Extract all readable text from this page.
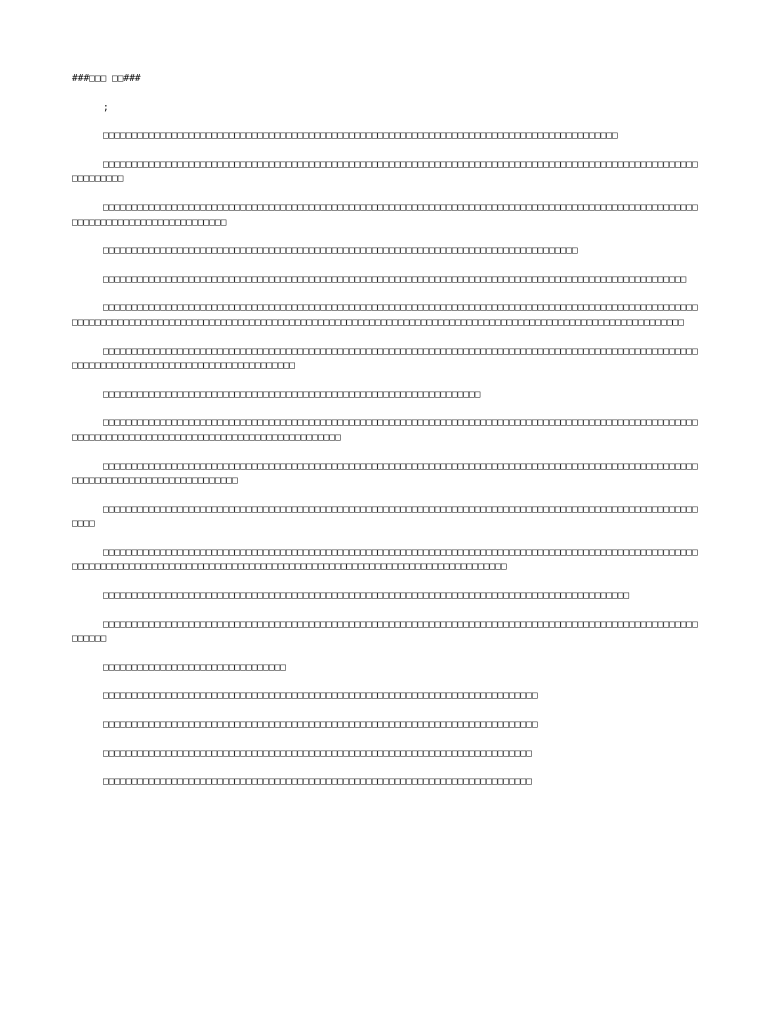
###□□□ □□###

;

□□□□□□□□□□□□□□□□□□□□□□□□□□□□□□□□□□□□□□□□□□□□□□□□□□□□□□□□□□□□□□□□□□□□□□□□□□□□□□□□□□□□□□□□□□

□□□□□□□□□□□□□□□□□□□□□□□□□□□□□□□□□□□□□□□□□□□□□□□□□□□□□□□□□□□□□□□□□□□□□□□□□□□□□□□□□□□□□□□□□□□□□□□□□□□□□□□□□□□□□□□□□

□□□□□□□□□□□□□□□□□□□□□□□□□□□□□□□□□□□□□□□□□□□□□□□□□□□□□□□□□□□□□□□□□□□□□□□□□□□□□□□□□□□□□□□□□□□□□□□□□□□□□□□□□□□□□□□□□□□□□□□□□□□□□□□□□□□

□□□□□□□□□□□□□□□□□□□□□□□□□□□□□□□□□□□□□□□□□□□□□□□□□□□□□□□□□□□□□□□□□□□□□□□□□□□□□□□□□□□

□□□□□□□□□□□□□□□□□□□□□□□□□□□□□□□□□□□□□□□□□□□□□□□□□□□□□□□□□□□□□□□□□□□□□□□□□□□□□□□□□□□□□□□□□□□□□□□□□□□□□□

□□□□□□□□□□□□□□□□□□□□□□□□□□□□□□□□□□□□□□□□□□□□□□□□□□□□□□□□□□□□□□□□□□□□□□□□□□□□□□□□□□□□□□□□□□□□□□□□□□□□□□□□□□□□□□□□□□□□□□□□□□□□□□□□□□□□□□□□□□□□□□□□□□□□□□□□□□□□□□□□□□□□□□□□□□□□□□□□□□□□□□□□□□□□□□□□□□□□□□□□□□□□□□□□□□□

□□□□□□□□□□□□□□□□□□□□□□□□□□□□□□□□□□□□□□□□□□□□□□□□□□□□□□□□□□□□□□□□□□□□□□□□□□□□□□□□□□□□□□□□□□□□□□□□□□□□□□□□□□□□□□□□□□□□□□□□□□□□□□□□□□□□□□□□□□□□□□□

□□□□□□□□□□□□□□□□□□□□□□□□□□□□□□□□□□□□□□□□□□□□□□□□□□□□□□□□□□□□□□□□□□

□□□□□□□□□□□□□□□□□□□□□□□□□□□□□□□□□□□□□□□□□□□□□□□□□□□□□□□□□□□□□□□□□□□□□□□□□□□□□□□□□□□□□□□□□□□□□□□□□□□□□□□□□□□□□□□□□□□□□□□□□□□□□□□□□□□□□□□□□□□□□□□□□□□□□□□

□□□□□□□□□□□□□□□□□□□□□□□□□□□□□□□□□□□□□□□□□□□□□□□□□□□□□□□□□□□□□□□□□□□□□□□□□□□□□□□□□□□□□□□□□□□□□□□□□□□□□□□□□□□□□□□□□□□□□□□□□□□□□□□□□□□□□

□□□□□□□□□□□□□□□□□□□□□□□□□□□□□□□□□□□□□□□□□□□□□□□□□□□□□□□□□□□□□□□□□□□□□□□□□□□□□□□□□□□□□□□□□□□□□□□□□□□□□□□□□□□□

□□□□□□□□□□□□□□□□□□□□□□□□□□□□□□□□□□□□□□□□□□□□□□□□□□□□□□□□□□□□□□□□□□□□□□□□□□□□□□□□□□□□□□□□□□□□□□□□□□□□□□□□□□□□□□□□□□□□□□□□□□□□□□□□□□□□□□□□□□□□□□□□□□□□□□□□□□□□□□□□□□□□□□□□□□□□□□□□□□□□

□□□□□□□□□□□□□□□□□□□□□□□□□□□□□□□□□□□□□□□□□□□□□□□□□□□□□□□□□□□□□□□□□□□□□□□□□□□□□□□□□□□□□□□□□□□□

□□□□□□□□□□□□□□□□□□□□□□□□□□□□□□□□□□□□□□□□□□□□□□□□□□□□□□□□□□□□□□□□□□□□□□□□□□□□□□□□□□□□□□□□□□□□□□□□□□□□□□□□□□□□□□

□□□□□□□□□□□□□□□□□□□□□□□□□□□□□□□□

□□□□□□□□□□□□□□□□□□□□□□□□□□□□□□□□□□□□□□□□□□□□□□□□□□□□□□□□□□□□□□□□□□□□□□□□□□□□

□□□□□□□□□□□□□□□□□□□□□□□□□□□□□□□□□□□□□□□□□□□□□□□□□□□□□□□□□□□□□□□□□□□□□□□□□□□□

□□□□□□□□□□□□□□□□□□□□□□□□□□□□□□□□□□□□□□□□□□□□□□□□□□□□□□□□□□□□□□□□□□□□□□□□□□□

□□□□□□□□□□□□□□□□□□□□□□□□□□□□□□□□□□□□□□□□□□□□□□□□□□□□□□□□□□□□□□□□□□□□□□□□□□□
